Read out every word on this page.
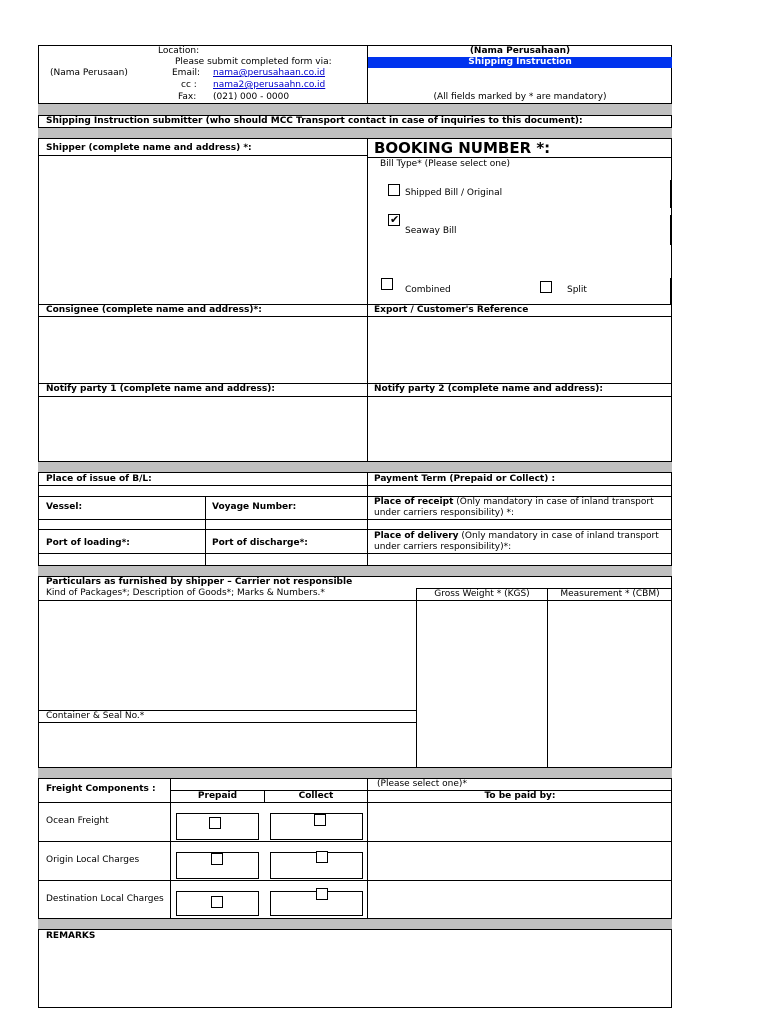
Location:
Please submit completed form via:
(Nama Perusaan)	Email: nama@perusahaan.co.id
cc : nama2@perusaahn.co.id
Fax: (021) 000 - 0000
(Nama Perusahaan)
Shipping Instruction
(All fields marked by * are mandatory)
Shipping Instruction submitter (who should MCC Transport contact in case of inquiries to this document):
Shipper (complete name and address) *:	BOOKING NUMBER *:
Bill Type* (Please select one)
Shipped Bill / Original
✔
Seaway Bill
Combined	Split
Consignee (complete name and address)*:	Export / Customer's Reference
Notify party 1 (complete name and address):	Notify party 2 (complete name and address):
Place of issue of B/L:	Payment Term (Prepaid or Collect) :
Vessel:	Voyage Number:	Place of receipt (Only mandatory in case of inland transport
under carriers responsibility) *:
Port of loading*:	Port of discharge*:
Place of delivery (Only mandatory in case of inland transport
under carriers responsibility)*:
Particulars as furnished by shipper – Carrier not responsible
Kind of Packages*; Description of Goods*; Marks & Numbers.*	Gross Weight * (KGS)	Measurement * (CBM)
Container & Seal No.*
Freight Components :	(Please select one)*
Prepaid	Collect	To be paid by:
Ocean Freight
Origin Local Charges
Destination Local Charges
REMARKS
